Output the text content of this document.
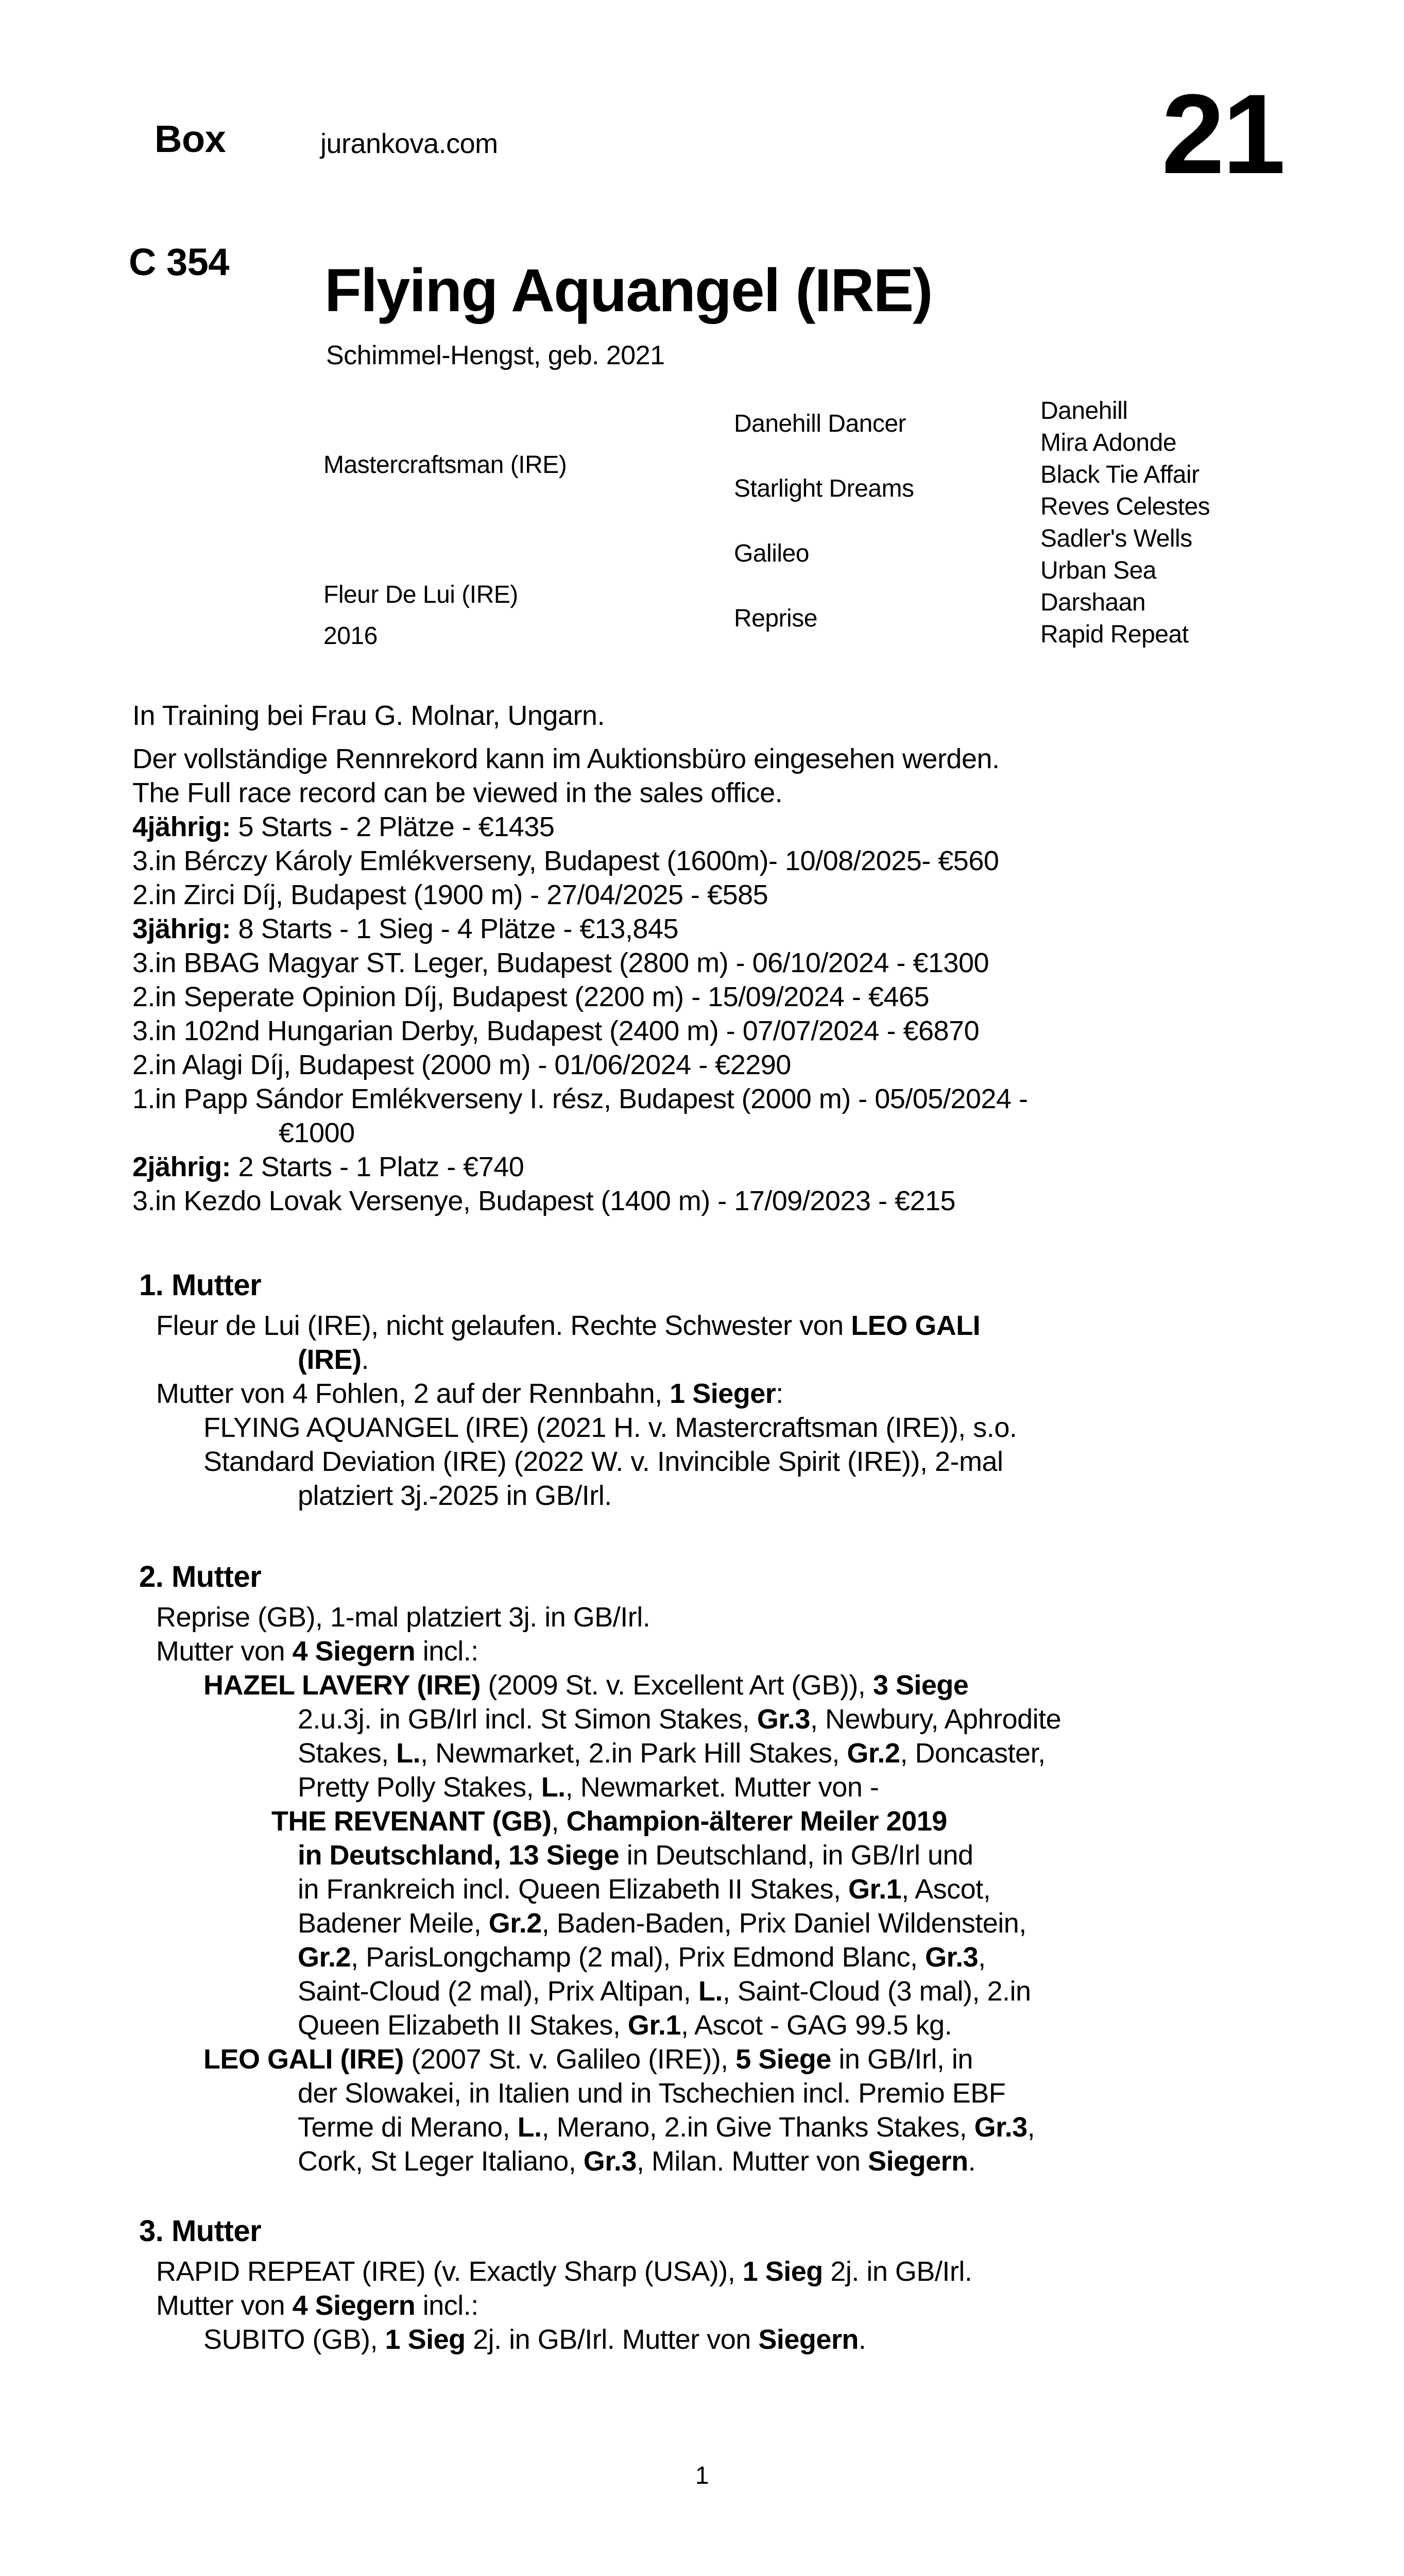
Box	jurankova.com	21
C 354 Flying Aquangel (IRE)
Schimmel-Hengst, geb. 2021
Mastercraftsman (IRE)
Fleur De Lui (IRE)
2016
Danehill Dancer
Starlight Dreams
Galileo
Reprise
Danehill
Mira Adonde
Black Tie Affair
Reves Celestes
Sadler's Wells
Urban Sea
Darshaan
Rapid Repeat
In Training bei Frau G. Molnar, Ungarn.
Der vollständige Rennrekord kann im Auktionsbüro eingesehen werden.
The Full race record can be viewed in the sales office.
4jährig: 5 Starts - 2 Plätze - €1435
3.in Bérczy Károly Emlékverseny, Budapest (1600m)- 10/08/2025- €560
2.in Zirci Díj, Budapest (1900 m) - 27/04/2025 - €585
3jährig: 8 Starts - 1 Sieg - 4 Plätze - €13,845
3.in BBAG Magyar ST. Leger, Budapest (2800 m) - 06/10/2024 - €1300
2.in Seperate Opinion Díj, Budapest (2200 m) - 15/09/2024 - €465
3.in 102nd Hungarian Derby, Budapest (2400 m) - 07/07/2024 - €6870
2.in Alagi Díj, Budapest (2000 m) - 01/06/2024 - €2290
1.in Papp Sándor Emlékverseny I. rész, Budapest (2000 m) - 05/05/2024 -
€1000
2jährig: 2 Starts - 1 Platz - €740
3.in Kezdo Lovak Versenye, Budapest (1400 m) - 17/09/2023 - €215
1. Mutter
Fleur de Lui (IRE), nicht gelaufen. Rechte Schwester von LEO GALI
(IRE).
Mutter von 4 Fohlen, 2 auf der Rennbahn, 1 Sieger:
FLYING AQUANGEL (IRE) (2021 H. v. Mastercraftsman (IRE)), s.o.
Standard Deviation (IRE) (2022 W. v. Invincible Spirit (IRE)), 2-mal
platziert 3j.-2025 in GB/Irl.
2. Mutter
Reprise (GB), 1-mal platziert 3j. in GB/Irl.
Mutter von 4 Siegern incl.:
HAZEL LAVERY (IRE) (2009 St. v. Excellent Art (GB)), 3 Siege
2.u.3j. in GB/Irl incl. St Simon Stakes, Gr.3, Newbury, Aphrodite
Stakes, L., Newmarket, 2.in Park Hill Stakes, Gr.2, Doncaster,
Pretty Polly Stakes, L., Newmarket. Mutter von -
THE REVENANT (GB), Champion-älterer Meiler 2019
in Deutschland, 13 Siege in Deutschland, in GB/Irl und
in Frankreich incl. Queen Elizabeth II Stakes, Gr.1, Ascot,
Badener Meile, Gr.2, Baden-Baden, Prix Daniel Wildenstein,
Gr.2, ParisLongchamp (2 mal), Prix Edmond Blanc, Gr.3,
Saint-Cloud (2 mal), Prix Altipan, L., Saint-Cloud (3 mal), 2.in
Queen Elizabeth II Stakes, Gr.1, Ascot - GAG 99.5 kg.
LEO GALI (IRE) (2007 St. v. Galileo (IRE)), 5 Siege in GB/Irl, in
der Slowakei, in Italien und in Tschechien incl. Premio EBF
Terme di Merano, L., Merano, 2.in Give Thanks Stakes, Gr.3,
Cork, St Leger Italiano, Gr.3, Milan. Mutter von Siegern.
3. Mutter
RAPID REPEAT (IRE) (v. Exactly Sharp (USA)), 1 Sieg 2j. in GB/Irl.
Mutter von 4 Siegern incl.:
SUBITO (GB), 1 Sieg 2j. in GB/Irl. Mutter von Siegern.
1
